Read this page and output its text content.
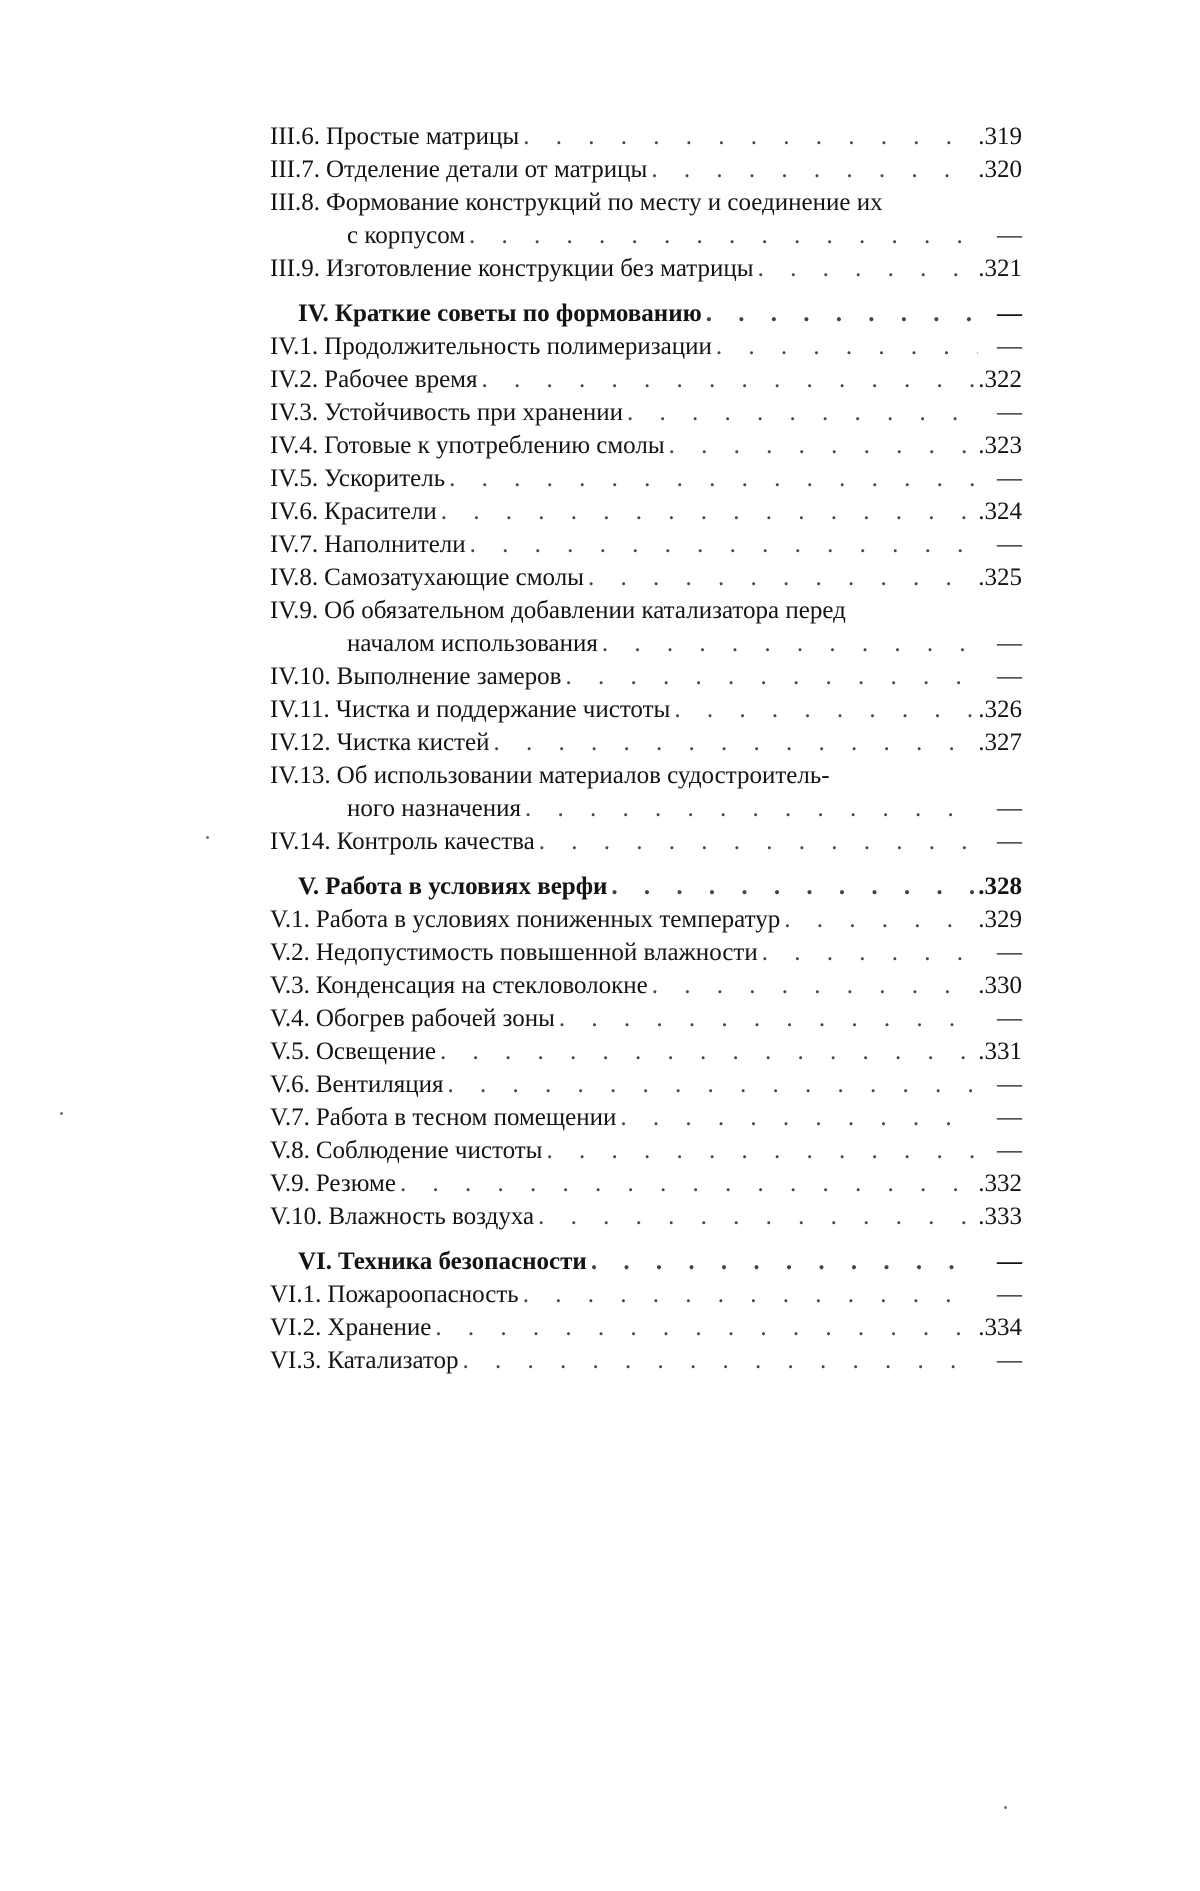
III.6. Простые матрицы
. . .	.319
III.7. Отделение детали от матрицы
. . .	.320
III.8. Формование конструкций по месту и соединение их
с корпусом
. . .	—
III.9. Изготовление конструкции без матрицы
. . .	.321
IV. Краткие советы по формованию
. . .	—
IV.1. Продолжительность полимеризации
. . .	—
IV.2. Рабочее время
. . .	.322
IV.3. Устойчивость при хранении
. . .	—
IV.4. Готовые к употреблению смолы
. . .	.323
IV.5. Ускоритель
. . .	—
IV.6. Красители
. . .	.324
IV.7. Наполнители
. . .	—
IV.8. Самозатухающие смолы
. . .	.325
IV.9. Об обязательном добавлении катализатора перед
началом использования
. . .	—
IV.10. Выполнение замеров
. . .	—
IV.11. Чистка и поддержание чистоты
. . .	.326
IV.12. Чистка кистей
. . .	.327
IV.13. Об использовании материалов судостроитель-
ного назначения
. . .	—
IV.14. Контроль качества
. . .	—
V. Работа в условиях верфи
. . .	.328
V.1. Работа в условиях пониженных температур
. . .	.329
V.2. Недопустимость повышенной влажности
. . .	—
V.3. Конденсация на стекловолокне
. . .	.330
V.4. Обогрев рабочей зоны
. . .	—
V.5. Освещение
. . .	.331
V.6. Вентиляция
. . .	—
V.7. Работа в тесном помещении
. . .	—
V.8. Соблюдение чистоты
. . .	—
V.9. Резюме
. . .	.332
V.10. Влажность воздуха
. . .	.333
VI. Техника безопасности
. . .	—
VI.1. Пожароопасность
. . .	—
VI.2. Хранение
. . .	.334
VI.3. Катализатор
. . .	—
